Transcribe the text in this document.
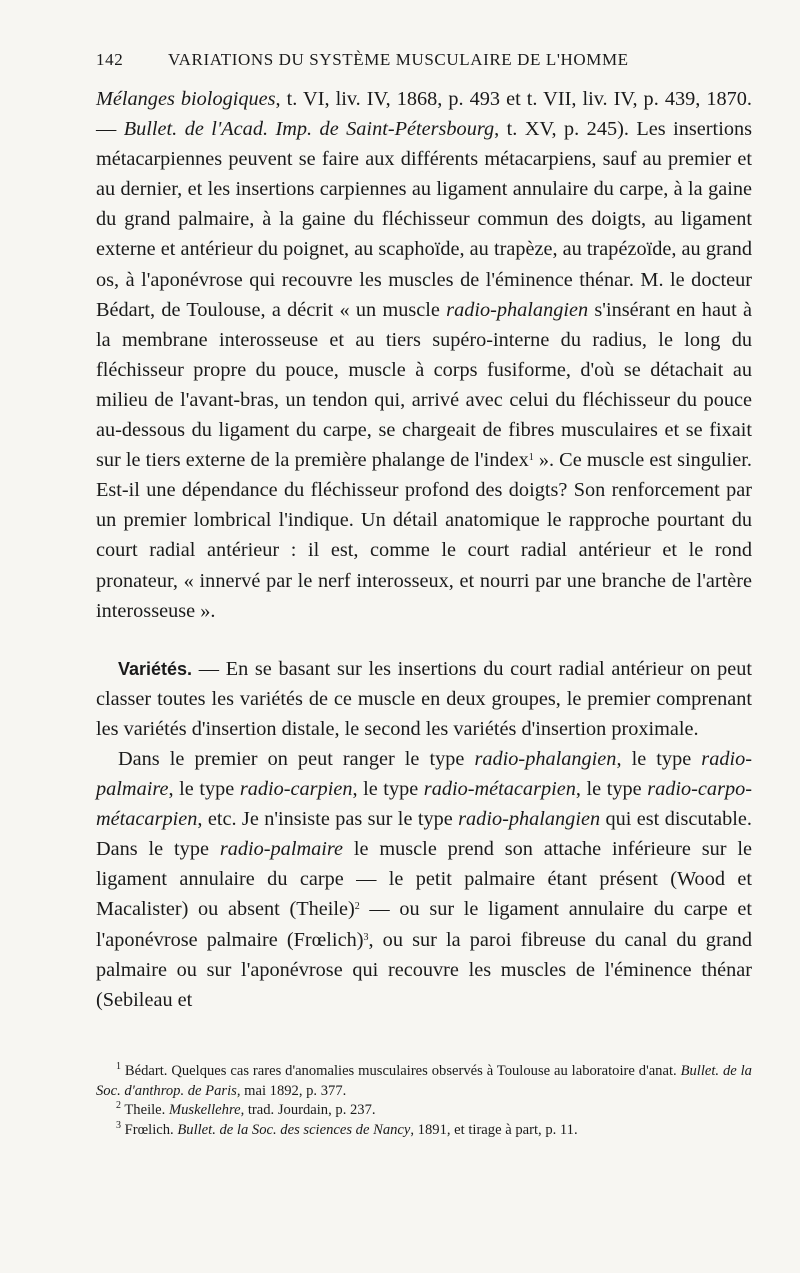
142	VARIATIONS DU SYSTÈME MUSCULAIRE DE L'HOMME

Mélanges biologiques, t. VI, liv. IV, 1868, p. 493 et t. VII, liv. IV, p. 439, 1870. — Bullet. de l'Acad. Imp. de Saint-Pétersbourg, t. XV, p. 245). Les insertions métacarpiennes peuvent se faire aux différents métacarpiens, sauf au premier et au dernier, et les insertions carpiennes au ligament annulaire du carpe, à la gaine du grand palmaire, à la gaine du fléchisseur commun des doigts, au ligament externe et antérieur du poignet, au scaphoïde, au trapèze, au trapézoïde, au grand os, à l'aponévrose qui recouvre les muscles de l'éminence thénar. M. le docteur Bédart, de Toulouse, a décrit « un muscle radio-phalangien s'insérant en haut à la membrane interosseuse et au tiers supéro-interne du radius, le long du fléchisseur propre du pouce, muscle à corps fusiforme, d'où se détachait au milieu de l'avant-bras, un tendon qui, arrivé avec celui du fléchisseur du pouce au-dessous du ligament du carpe, se chargeait de fibres musculaires et se fixait sur le tiers externe de la première phalange de l'index$^1$ ». Ce muscle est singulier. Est-il une dépendance du fléchisseur profond des doigts? Son renforcement par un premier lombrical l'indique. Un détail anatomique le rapproche pourtant du court radial antérieur : il est, comme le court radial antérieur et le rond pronateur, « innervé par le nerf interosseux, et nourri par une branche de l'artère interosseuse ».

Variétés. — En se basant sur les insertions du court radial antérieur on peut classer toutes les variétés de ce muscle en deux groupes, le premier comprenant les variétés d'insertion distale, le second les variétés d'insertion proximale.

Dans le premier on peut ranger le type radio-phalangien, le type radio-palmaire, le type radio-carpien, le type radio-métacarpien, le type radio-carpo-métacarpien, etc. Je n'insiste pas sur le type radio-phalangien qui est discutable. Dans le type radio-palmaire le muscle prend son attache inférieure sur le ligament annulaire du carpe — le petit palmaire étant présent (Wood et Macalister) ou absent (Theile)$^2$ — ou sur le ligament annulaire du carpe et l'aponévrose palmaire (Frœlich)$^3$, ou sur la paroi fibreuse du canal du grand palmaire ou sur l'aponévrose qui recouvre les muscles de l'éminence thénar (Sebileau et

$^1$ Bédart. Quelques cas rares d'anomalies musculaires observés à Toulouse au laboratoire d'anat. Bullet. de la Soc. d'anthrop. de Paris, mai 1892, p. 377.

$^2$ Theile. Muskellehre, trad. Jourdain, p. 237.

$^3$ Frœlich. Bullet. de la Soc. des sciences de Nancy, 1891, et tirage à part, p. 11.
